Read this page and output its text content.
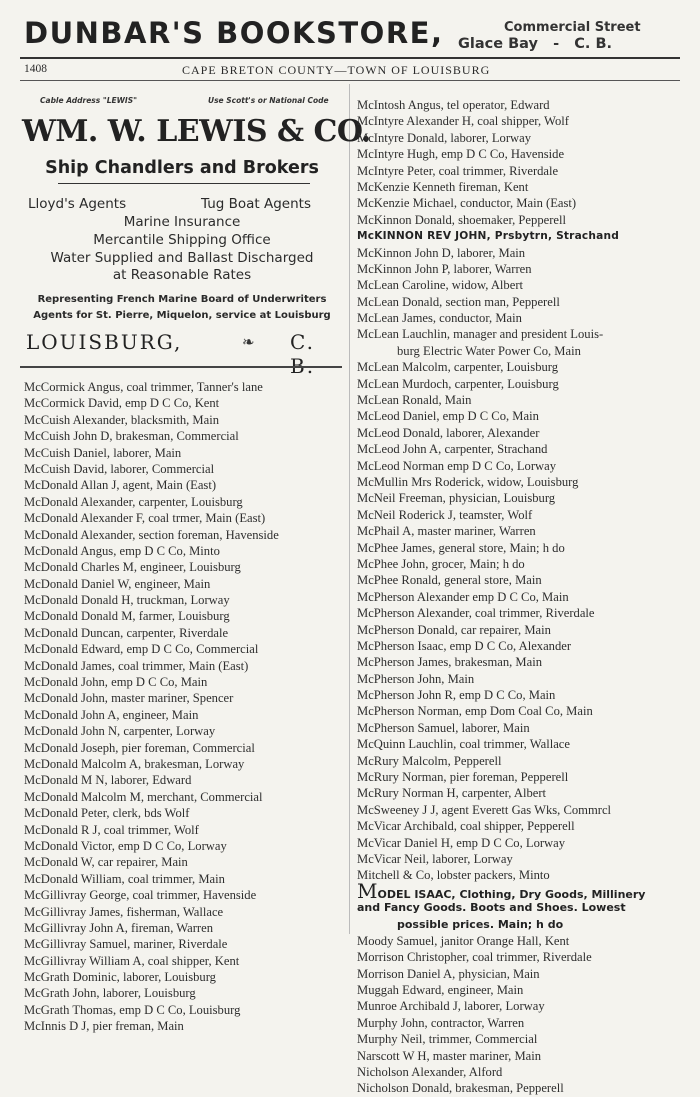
DUNBAR'S BOOKSTORE,	Commercial Street
Glace Bay   -   C. B.
1408	CAPE BRETON COUNTY—TOWN OF LOUISBURG
Cable Address "LEWIS"	Use Scott's or National Code
WM. W. LEWIS & CO.
Ship Chandlers and Brokers
Lloyd's Agents	Tug Boat Agents
Marine Insurance
Mercantile Shipping Office
Water Supplied and Ballast Discharged
at Reasonable Rates
Representing French Marine Board of Underwriters
Agents for St. Pierre, Miquelon, service at Louisburg
LOUISBURG,	❧ C. B.
McCormick Angus, coal trimmer, Tanner's lane
McCormick David, emp D C Co, Kent
McCuish Alexander, blacksmith, Main
McCuish John D, brakesman, Commercial
McCuish Daniel, laborer, Main
McCuish David, laborer, Commercial
McDonald Allan J, agent, Main (East)
McDonald Alexander, carpenter, Louisburg
McDonald Alexander F, coal trmer, Main (East)
McDonald Alexander, section foreman, Havenside
McDonald Angus, emp D C Co, Minto
McDonald Charles M, engineer, Louisburg
McDonald Daniel W, engineer, Main
McDonald Donald H, truckman, Lorway
McDonald Donald M, farmer, Louisburg
McDonald Duncan, carpenter, Riverdale
McDonald Edward, emp D C Co, Commercial
McDonald James, coal trimmer, Main (East)
McDonald John, emp D C Co, Main
McDonald John, master mariner, Spencer
McDonald John A, engineer, Main
McDonald John N, carpenter, Lorway
McDonald Joseph, pier foreman, Commercial
McDonald Malcolm A, brakesman, Lorway
McDonald M N, laborer, Edward
McDonald Malcolm M, merchant, Commercial
McDonald Peter, clerk, bds Wolf
McDonald R J, coal trimmer, Wolf
McDonald Victor, emp D C Co, Lorway
McDonald W, car repairer, Main
McDonald William, coal trimmer, Main
McGillivray George, coal trimmer, Havenside
McGillivray James, fisherman, Wallace
McGillivray John A, fireman, Warren
McGillivray Samuel, mariner, Riverdale
McGillivray William A, coal shipper, Kent
McGrath Dominic, laborer, Louisburg
McGrath John, laborer, Louisburg
McGrath Thomas, emp D C Co, Louisburg
McInnis D J, pier freman, Main
McIntosh Angus, tel operator, Edward
McIntyre Alexander H, coal shipper, Wolf
McIntyre Donald, laborer, Lorway
McIntyre Hugh, emp D C Co, Havenside
McIntyre Peter, coal trimmer, Riverdale
McKenzie Kenneth fireman, Kent
McKenzie Michael, conductor, Main (East)
McKinnon Donald, shoemaker, Pepperell
McKINNON REV JOHN, Prsbytrn, Strachand
McKinnon John D, laborer, Main
McKinnon John P, laborer, Warren
McLean Caroline, widow, Albert
McLean Donald, section man, Pepperell
McLean James, conductor, Main
McLean Lauchlin, manager and president Louis-
burg Electric Water Power Co, Main
McLean Malcolm, carpenter, Louisburg
McLean Murdoch, carpenter, Louisburg
McLean Ronald, Main
McLeod Daniel, emp D C Co, Main
McLeod Donald, laborer, Alexander
McLeod John A, carpenter, Strachand
McLeod Norman emp D C Co, Lorway
McMullin Mrs Roderick, widow, Louisburg
McNeil Freeman, physician, Louisburg
McNeil Roderick J, teamster, Wolf
McPhail A, master mariner, Warren
McPhee James, general store, Main; h do
McPhee John, grocer, Main; h do
McPhee Ronald, general store, Main
McPherson Alexander emp D C Co, Main
McPherson Alexander, coal trimmer, Riverdale
McPherson Donald, car repairer, Main
McPherson Isaac, emp D C Co, Alexander
McPherson James, brakesman, Main
McPherson John, Main
McPherson John R, emp D C Co, Main
McPherson Norman, emp Dom Coal Co, Main
McPherson Samuel, laborer, Main
McQuinn Lauchlin, coal trimmer, Wallace
McRury Malcolm, Pepperell
McRury Norman, pier foreman, Pepperell
McRury Norman H, carpenter, Albert
McSweeney J J, agent Everett Gas Wks, Commrcl
McVicar Archibald, coal shipper, Pepperell
McVicar Daniel H, emp D C Co, Lorway
McVicar Neil, laborer, Lorway
Mitchell & Co, lobster packers, Minto
MODEL ISAAC, Clothing, Dry Goods, Millinery
and Fancy Goods. Boots and Shoes. Lowest
possible prices. Main; h do
Moody Samuel, janitor Orange Hall, Kent
Morrison Christopher, coal trimmer, Riverdale
Morrison Daniel A, physician, Main
Muggah Edward, engineer, Main
Munroe Archibald J, laborer, Lorway
Murphy John, contractor, Warren
Murphy Neil, trimmer, Commercial
Narscott W H, master mariner, Main
Nicholson Alexander, Alford
Nicholson Donald, brakesman, Pepperell
